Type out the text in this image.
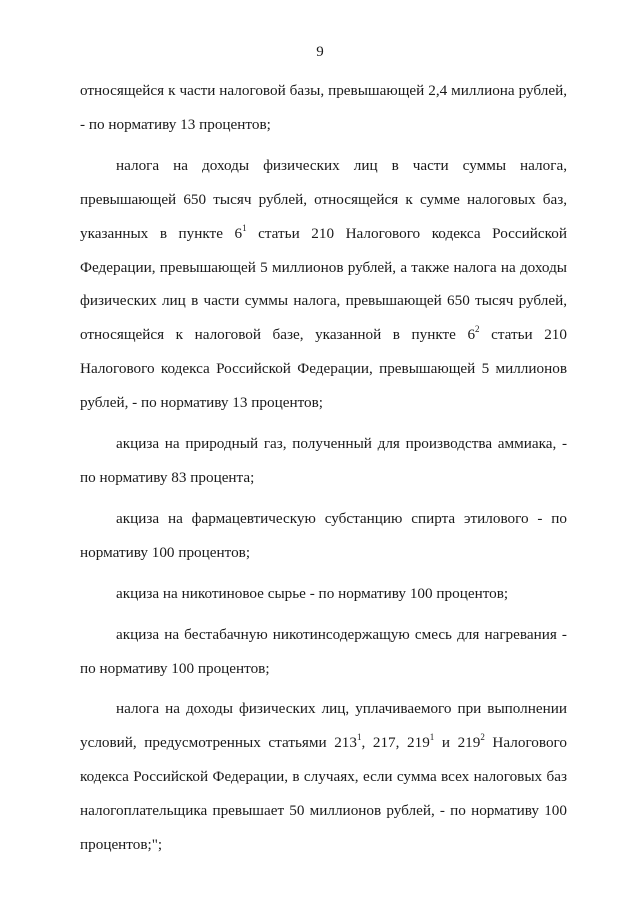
9

относящейся к части налоговой базы, превышающей 2,4 миллиона рублей, - по нормативу 13 процентов;

налога на доходы физических лиц в части суммы налога, превышающей 650 тысяч рублей, относящейся к сумме налоговых баз, указанных в пункте $6^1$ статьи 210 Налогового кодекса Российской Федерации, превышающей 5 миллионов рублей, а также налога на доходы физических лиц в части суммы налога, превышающей 650 тысяч рублей, относящейся к налоговой базе, указанной в пункте $6^2$ статьи 210 Налогового кодекса Российской Федерации, превышающей 5 миллионов рублей, - по нормативу 13 процентов;

акциза на природный газ, полученный для производства аммиака, - по нормативу 83 процента;

акциза на фармацевтическую субстанцию спирта этилового - по нормативу 100 процентов;

акциза на никотиновое сырье - по нормативу 100 процентов;

акциза на бестабачную никотинсодержащую смесь для нагревания - по нормативу 100 процентов;

налога на доходы физических лиц, уплачиваемого при выполнении условий, предусмотренных статьями $213^1$, 217, $219^1$ и $219^2$ Налогового кодекса Российской Федерации, в случаях, если сумма всех налоговых баз налогоплательщика превышает 50 миллионов рублей, - по нормативу 100 процентов;";
